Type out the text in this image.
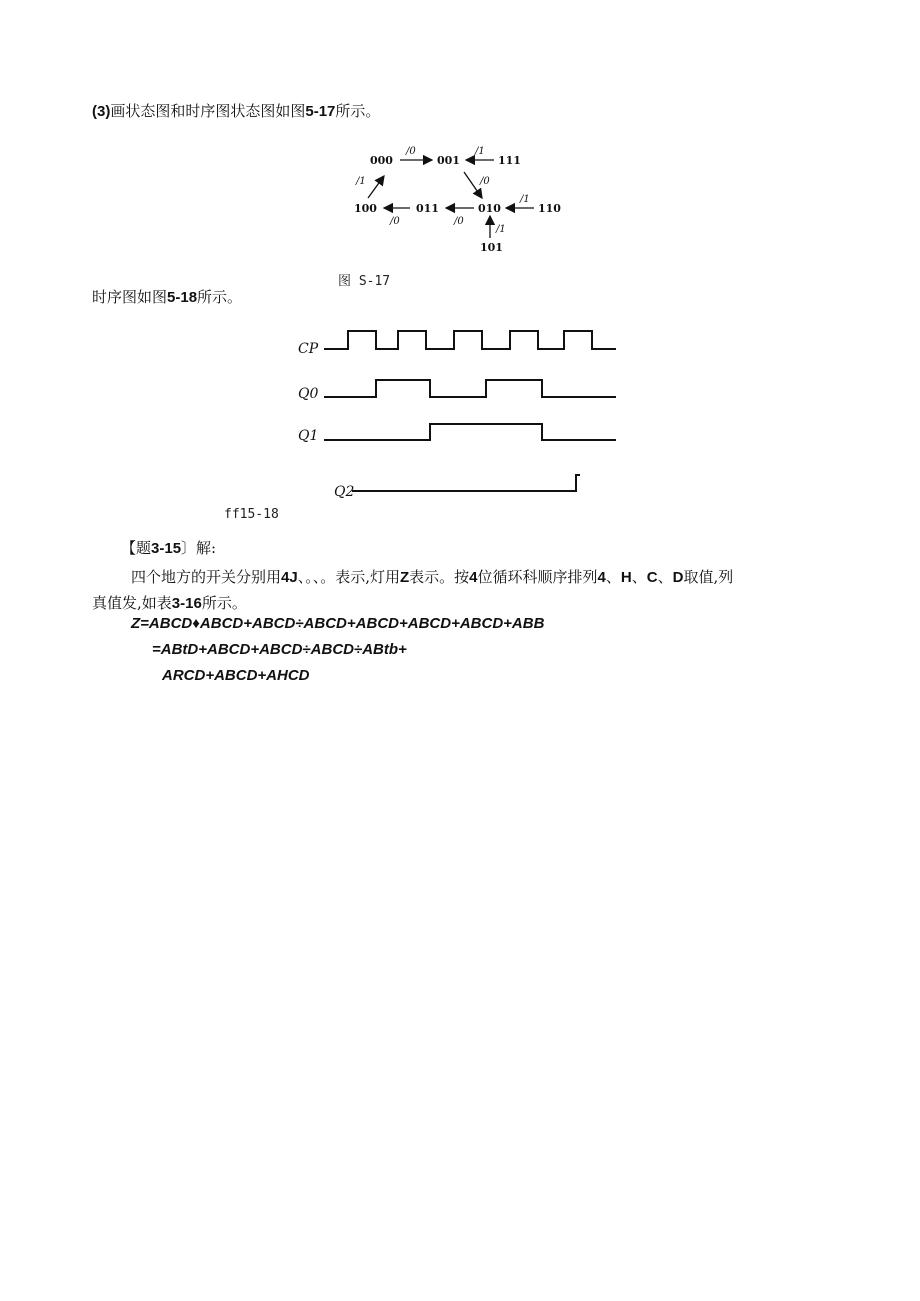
(3)画状态图和时序图状态图如图5-17所示。
000	001	111
100	011	010	110
101
/0	/1
/1
/0
/1
/0
/0
/1
图 S-17
时序图如图5-18所示。
CP
Q0
Q1
Q2
ff15-18
【题3-15〕解:
四个地方的开关分别用4J、。、。表示,灯用Z表示。按4位循环科顺序排列4、H、C、D取值,列
真值发,如表3-16所示。
Z=ABCD♦ABCD+ABCD÷ABCD+ABCD+ABCD+ABCD+ABB
=ABtD+ABCD+ABCD÷ABCD÷ABtb+
ARCD+ABCD+AHCD
